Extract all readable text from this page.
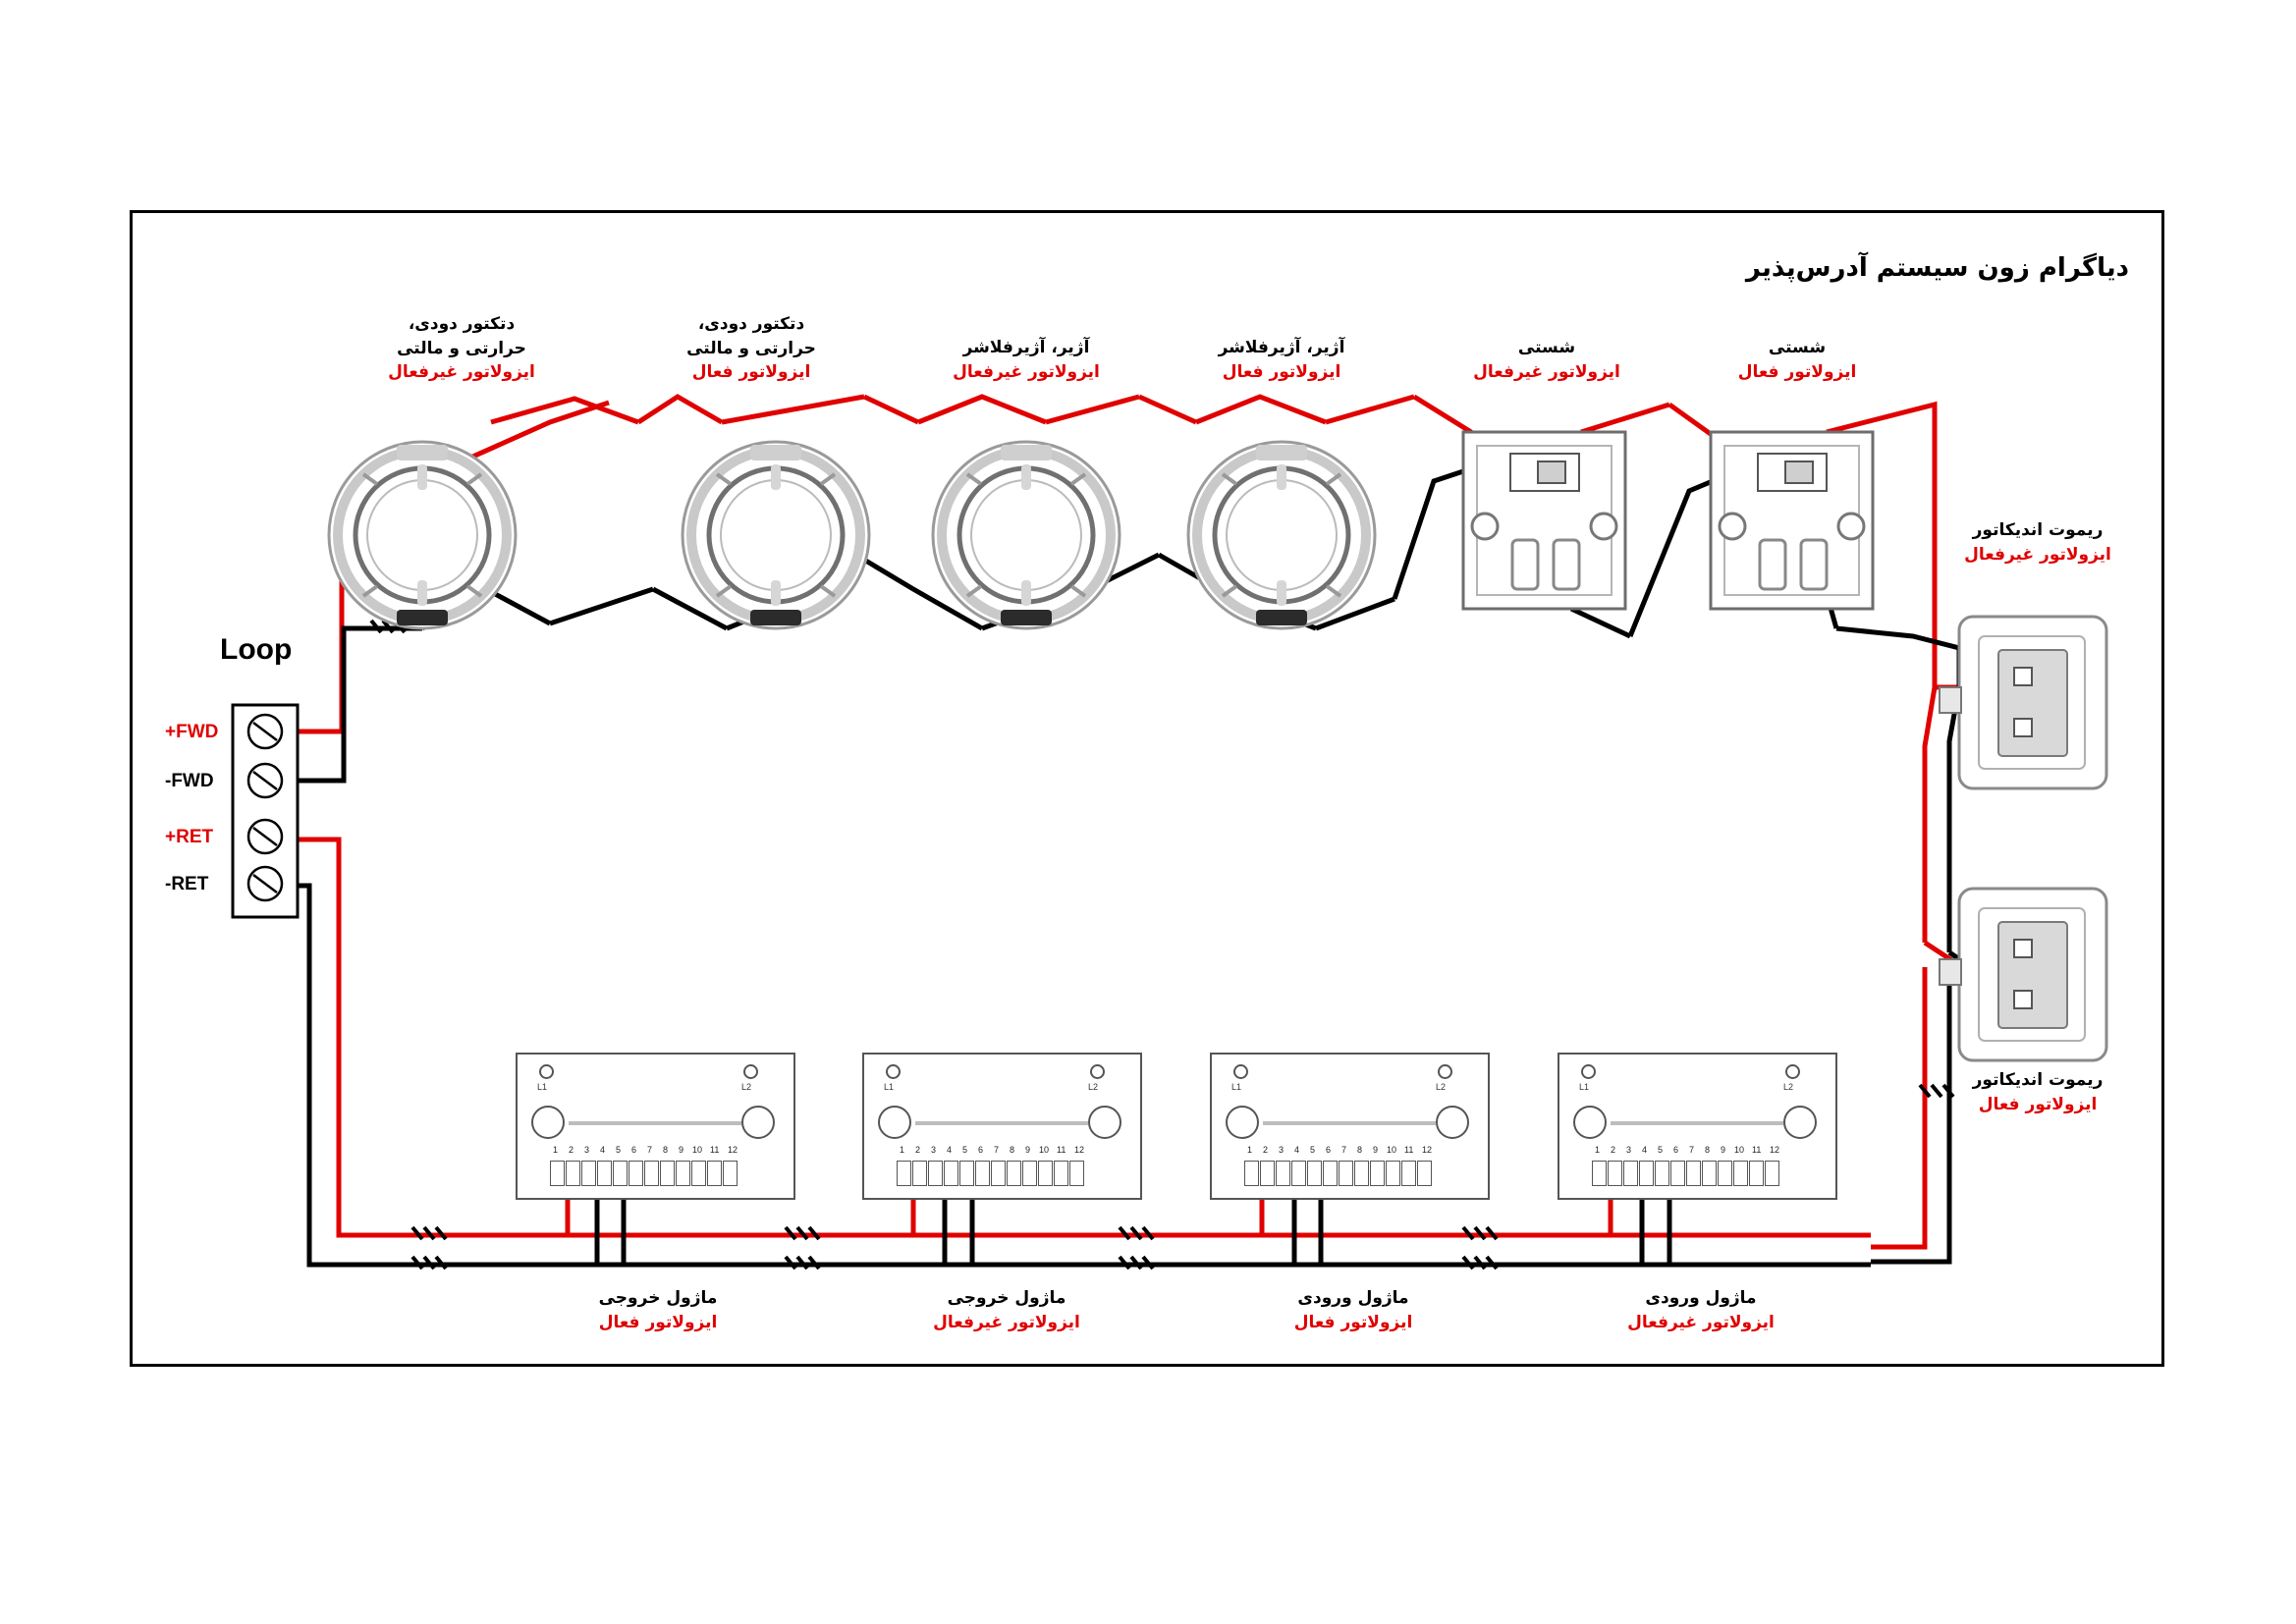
دیاگرام زون سیستم آدرس‌پذیر
دتکتور دودی،
حرارتی و مالتی
ایزولاتور غیرفعال
دتکتور دودی،
حرارتی و مالتی
ایزولاتور فعال
آژیر، آژیرفلاشر
ایزولاتور غیرفعال
آژیر، آژیرفلاشر
ایزولاتور فعال
شستی
ایزولاتور غیرفعال
شستی
ایزولاتور فعال
ریموت اندیکاتور
ایزولاتور غیرفعال
ریموت اندیکاتور
ایزولاتور فعال
Loop
FWD+
FWD-
RET+
RET-
L1	L2
1 2 3 4 5 6 7 8 9 10 11 12
L1	L2
1 2 3 4 5 6 7 8 9 10 11 12
L1	L2
1 2 3 4 5 6 7 8 9 10 11 12
L1	L2
1 2 3 4 5 6 7 8 9 10 11 12
ماژول خروجی
ایزولاتور فعال
ماژول خروجی
ایزولاتور غیرفعال
ماژول ورودی
ایزولاتور فعال
ماژول ورودی
ایزولاتور غیرفعال
